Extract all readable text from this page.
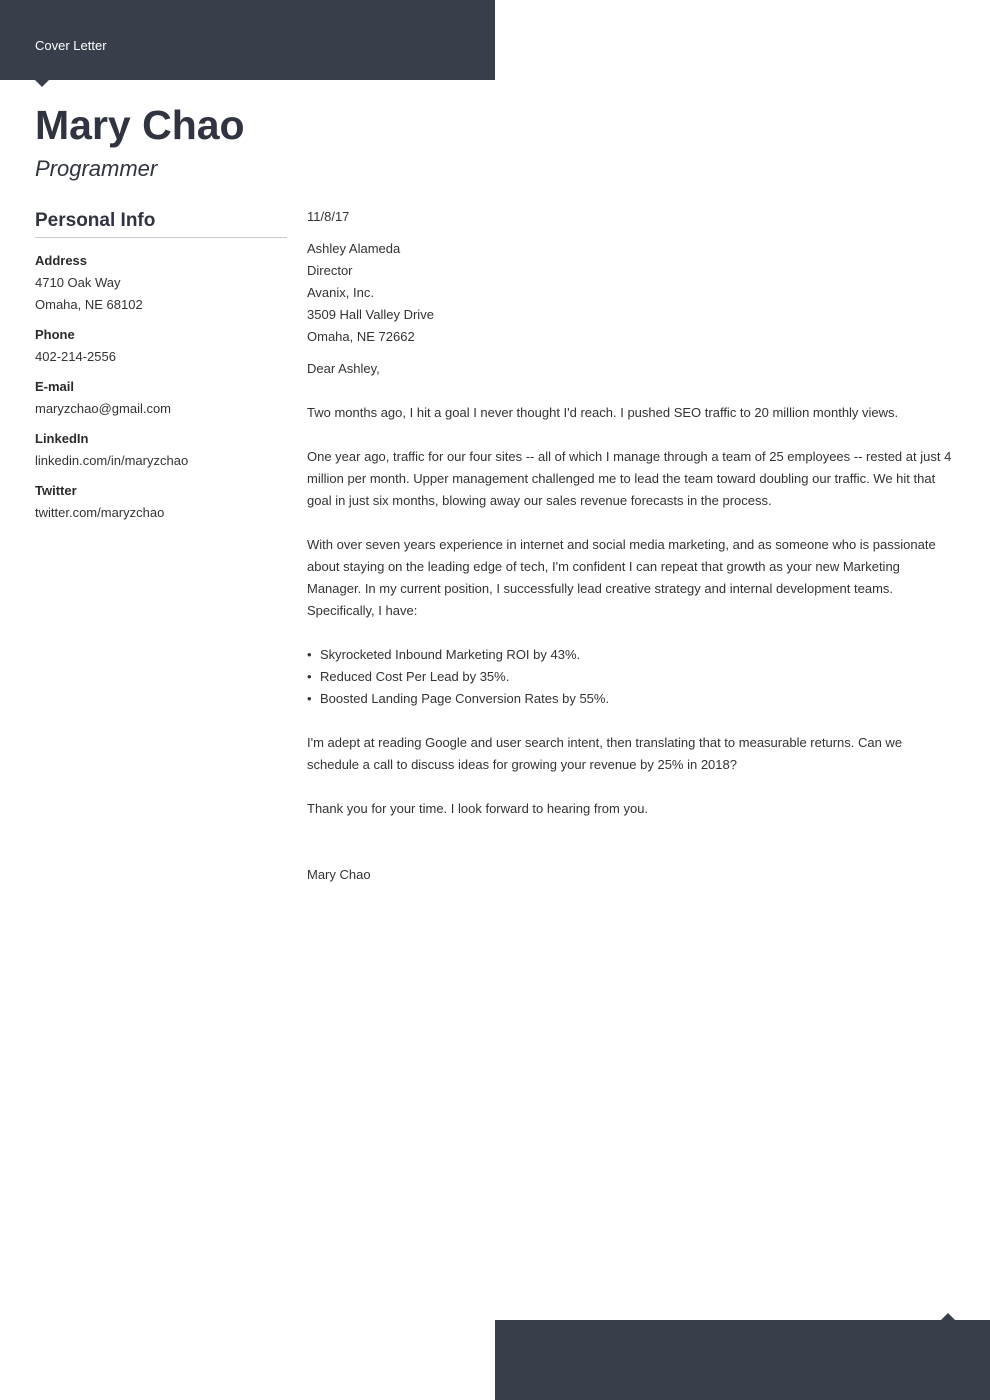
Cover Letter
Mary Chao
Programmer
Personal Info
Address
4710 Oak Way
Omaha, NE 68102
Phone
402-214-2556
E-mail
maryzchao@gmail.com
LinkedIn
linkedin.com/in/maryzchao
Twitter
twitter.com/maryzchao
11/8/17
Ashley Alameda
Director
Avanix, Inc.
3509 Hall Valley Drive
Omaha, NE 72662

Dear Ashley,

Two months ago, I hit a goal I never thought I'd reach. I pushed SEO traffic to 20 million monthly views.

One year ago, traffic for our four sites -- all of which I manage through a team of 25 employees -- rested at just 4 million per month. Upper management challenged me to lead the team toward doubling our traffic. We hit that goal in just six months, blowing away our sales revenue forecasts in the process.

With over seven years experience in internet and social media marketing, and as someone who is passionate about staying on the leading edge of tech, I'm confident I can repeat that growth as your new Marketing Manager. In my current position, I successfully lead creative strategy and internal development teams. Specifically, I have:

• Skyrocketed Inbound Marketing ROI by 43%.
• Reduced Cost Per Lead by 35%.
• Boosted Landing Page Conversion Rates by 55%.

I'm adept at reading Google and user search intent, then translating that to measurable returns. Can we schedule a call to discuss ideas for growing your revenue by 25% in 2018?

Thank you for your time. I look forward to hearing from you.

Mary Chao
